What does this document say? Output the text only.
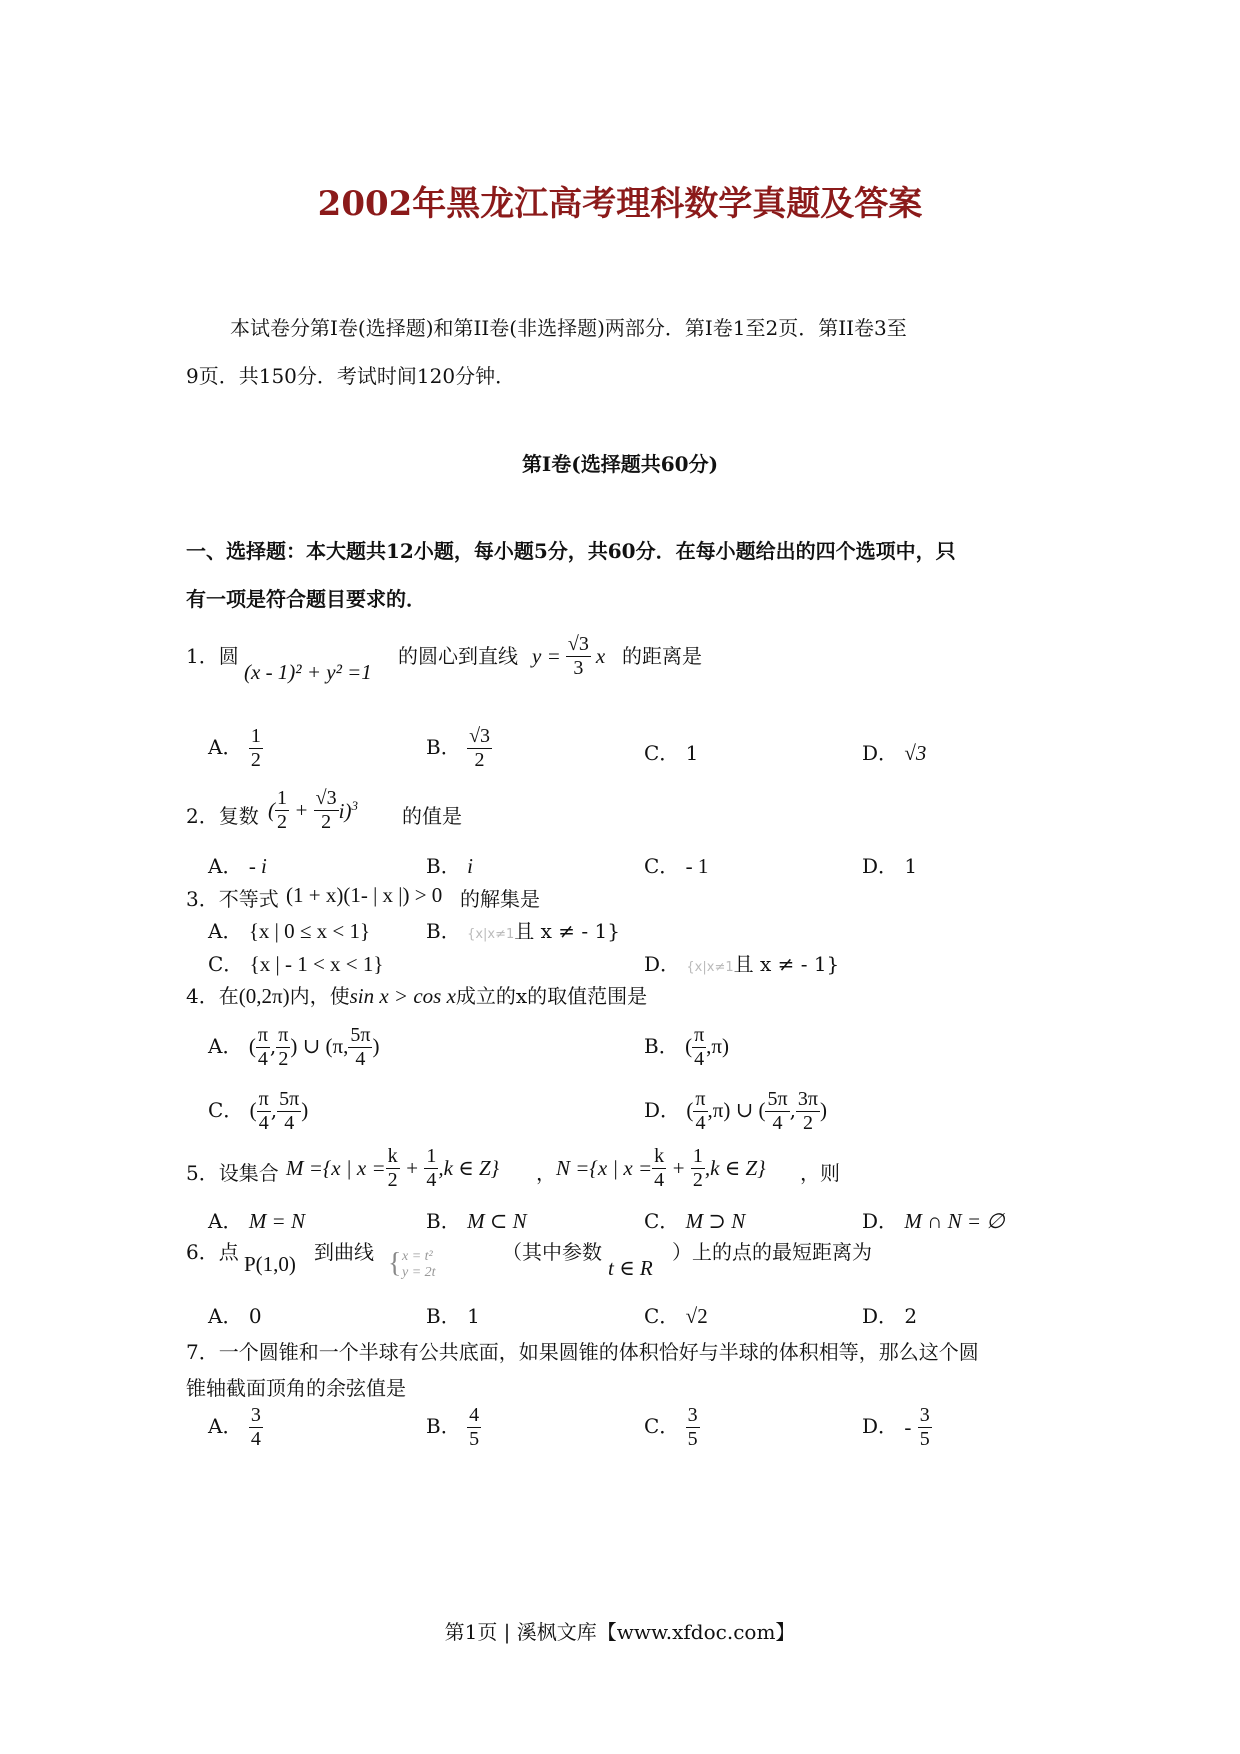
2002年黑龙江高考理科数学真题及答案
本试卷分第I卷(选择题)和第II卷(非选择题)两部分．第I卷1至2页．第II卷3至
9页．共150分．考试时间120分钟．
第I卷(选择题共60分)
一、选择题：本大题共12小题，每小题5分，共60分．在每小题给出的四个选项中，只
有一项是符合题目要求的．
1．圆
(x - 1)² + y² =1
的圆心到直线 $y = \frac{√3}{3}$ x 的距离是
A． $\frac{1}{2}$	B． $\frac{√3}{2}$	C． 1	D． √3
2．复数 ( $\frac{1}{2} + \frac{√3}{2} i)^3$ 的值是
A． - i	B． i	C． - 1	D． 1
3．不等式 (1 + x)(1- | x |) > 0 的解集是
A． {x | 0 ≤ x < 1}	B． {x|x≠1且 x ≠ - 1}
C． {x | - 1 < x < 1}	D． {x|x≠1且 x ≠ - 1}
4．在(0,2π)内，使sin x > cos x成立的x的取值范围是
A． ( $\frac{\pi}{4}$ , $\frac{\pi}{2}$ ) ∪ (π, $\frac{5\pi}{4}$ )	B． ( $\frac{\pi}{4} ,\pi$)
C． ( $\frac{\pi}{4}$ , $\frac{5\pi}{4}$ )	D． ( $\frac{\pi}{4} ,\pi$) ∪ ( $\frac{5\pi}{4}$ , $\frac{3\pi}{2}$ )
5．设集合 M ={x | $x = \frac{k}{2} + \frac{1}{4} ,k$ ∈ Z} ， N ={x | $x = \frac{k}{4} + \frac{1}{2} ,k$ ∈ Z} ，则
A． M = N	B． M ⊂ N	C． M ⊃ N	D． M ∩ N = ∅
6．点 P(1,0) 到曲线 { x = t²
y = 2t
（其中参数
t ∈ R
）上的点的最短距离为
A． 0	B． 1	C． √2	D． 2
7．一个圆锥和一个半球有公共底面，如果圆锥的体积恰好与半球的体积相等，那么这个圆
锥轴截面顶角的余弦值是
A． $\frac{3}{4}$	B． $\frac{4}{5}$	C． $\frac{3}{5}$	D． - $\frac{3}{5}$
第1页 | 溪枫文库【www.xfdoc.com】
